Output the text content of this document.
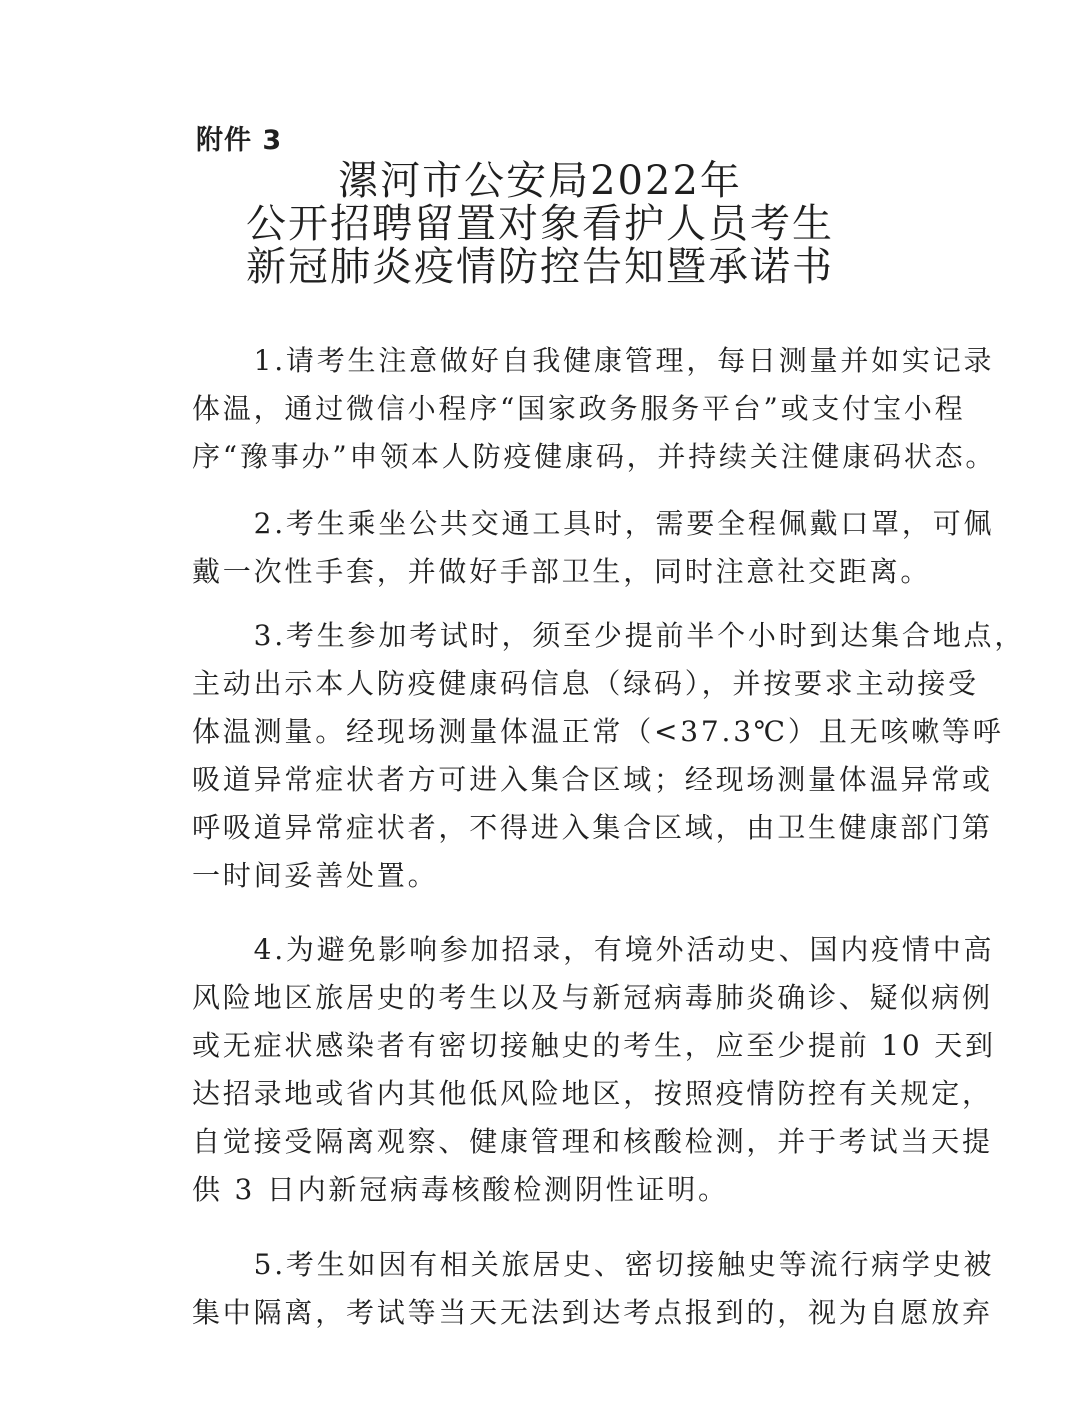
附件 3
漯河市公安局2022年
公开招聘留置对象看护人员考生
新冠肺炎疫情防控告知暨承诺书
　　1.请考生注意做好自我健康管理，每日测量并如实记录
体温，通过微信小程序“国家政务服务平台”或支付宝小程
序“豫事办”申领本人防疫健康码，并持续关注健康码状态。
　　2.考生乘坐公共交通工具时，需要全程佩戴口罩，可佩
戴一次性手套，并做好手部卫生，同时注意社交距离。
　　3.考生参加考试时，须至少提前半个小时到达集合地点，
主动出示本人防疫健康码信息（绿码），并按要求主动接受
体温测量。经现场测量体温正常（<37.3℃）且无咳嗽等呼
吸道异常症状者方可进入集合区域；经现场测量体温异常或
呼吸道异常症状者，不得进入集合区域，由卫生健康部门第
一时间妥善处置。
　　4.为避免影响参加招录，有境外活动史、国内疫情中高
风险地区旅居史的考生以及与新冠病毒肺炎确诊、疑似病例
或无症状感染者有密切接触史的考生，应至少提前 10 天到
达招录地或省内其他低风险地区，按照疫情防控有关规定，
自觉接受隔离观察、健康管理和核酸检测，并于考试当天提
供 3 日内新冠病毒核酸检测阴性证明。
　　5.考生如因有相关旅居史、密切接触史等流行病学史被
集中隔离，考试等当天无法到达考点报到的，视为自愿放弃
